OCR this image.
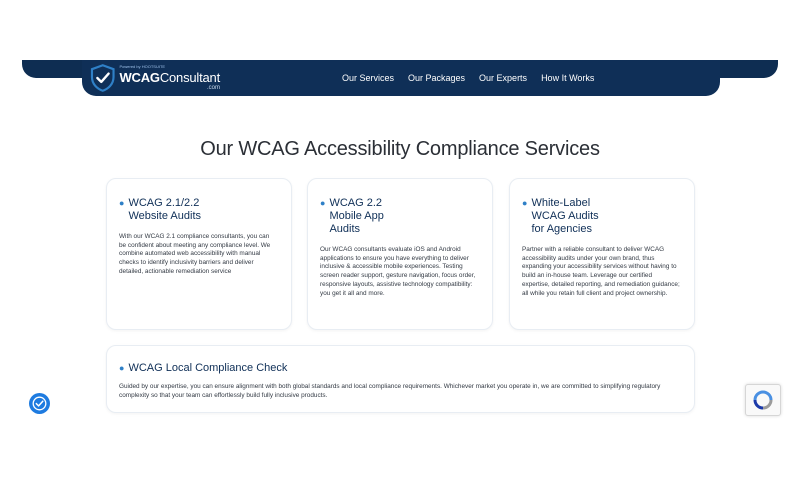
Powered by HOOTSUITE
WCAGConsultant
.com
Our Services Our Packages Our Experts How It Works
Our WCAG Accessibility Compliance Services
● WCAG 2.1/2.2
Website Audits

With our WCAG 2.1 compliance consultants, you can be confident about meeting any compliance level. We combine automated web accessibility with manual checks to identify inclusivity barriers and deliver detailed, actionable remediation service

● WCAG 2.2
Mobile App
Audits

Our WCAG consultants evaluate iOS and Android applications to ensure you have everything to deliver inclusive & accessible mobile experiences. Testing screen reader support, gesture navigation, focus order, responsive layouts, assistive technology compatibility: you get it all and more.

● White-Label
WCAG Audits
for Agencies

Partner with a reliable consultant to deliver WCAG accessibility audits under your own brand, thus expanding your accessibility services without having to build an in-house team. Leverage our certified expertise, detailed reporting, and remediation guidance; all while you retain full client and project ownership.

● WCAG Local Compliance Check

Guided by our expertise, you can ensure alignment with both global standards and local compliance requirements. Whichever market you operate in, we are committed to simplifying regulatory complexity so that your team can effortlessly build fully inclusive products.
